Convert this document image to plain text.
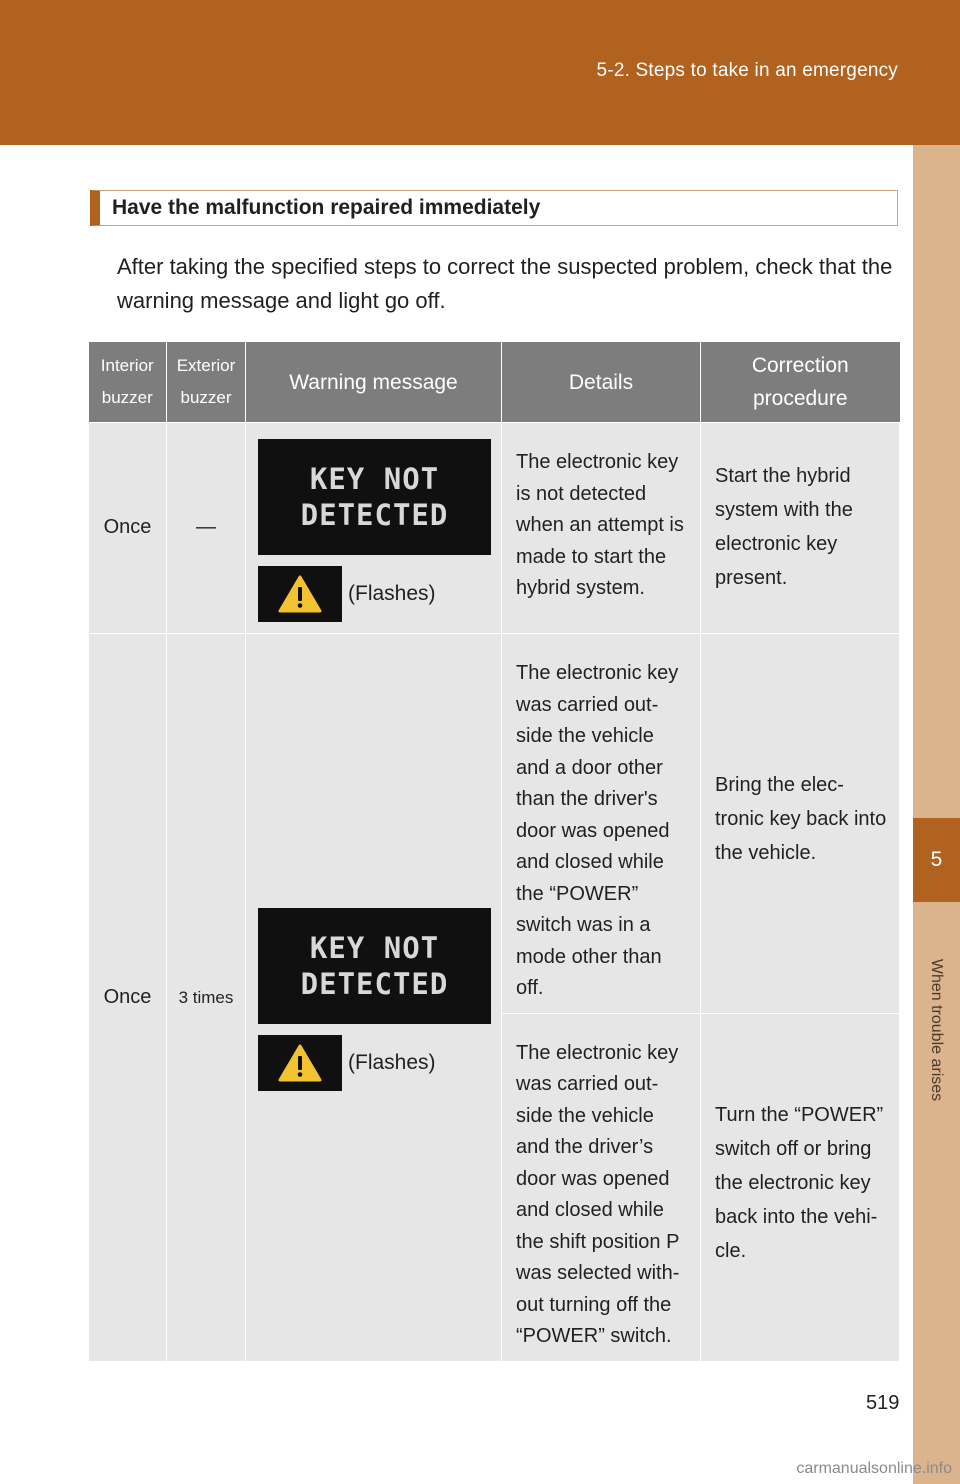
5-2. Steps to take in an emergency
5
When trouble arises
Have the malfunction repaired immediately
After taking the specified steps to correct the suspected problem, check that the warning message and light go off.
Interior buzzer	Exterior buzzer	Warning message	Details	Correction procedure
Once	—	KEY NOT
DETECTED
(Flashes)	The electronic key is not detected when an attempt is made to start the hybrid system.	Start the hybrid system with the electronic key present.
Once	3 times	KEY NOT
DETECTED
(Flashes)	The electronic key was carried out-side the vehicle and a door other than the driver's door was opened and closed while the “POWER” switch was in a mode other than off.	Bring the elec-tronic key back into the vehicle.
			The electronic key was carried out-side the vehicle and the driver’s door was opened and closed while the shift position P was selected with-out turning off the “POWER” switch.	Turn the “POWER” switch off or bring the electronic key back into the vehi-cle.
519
carmanualsonline.info
